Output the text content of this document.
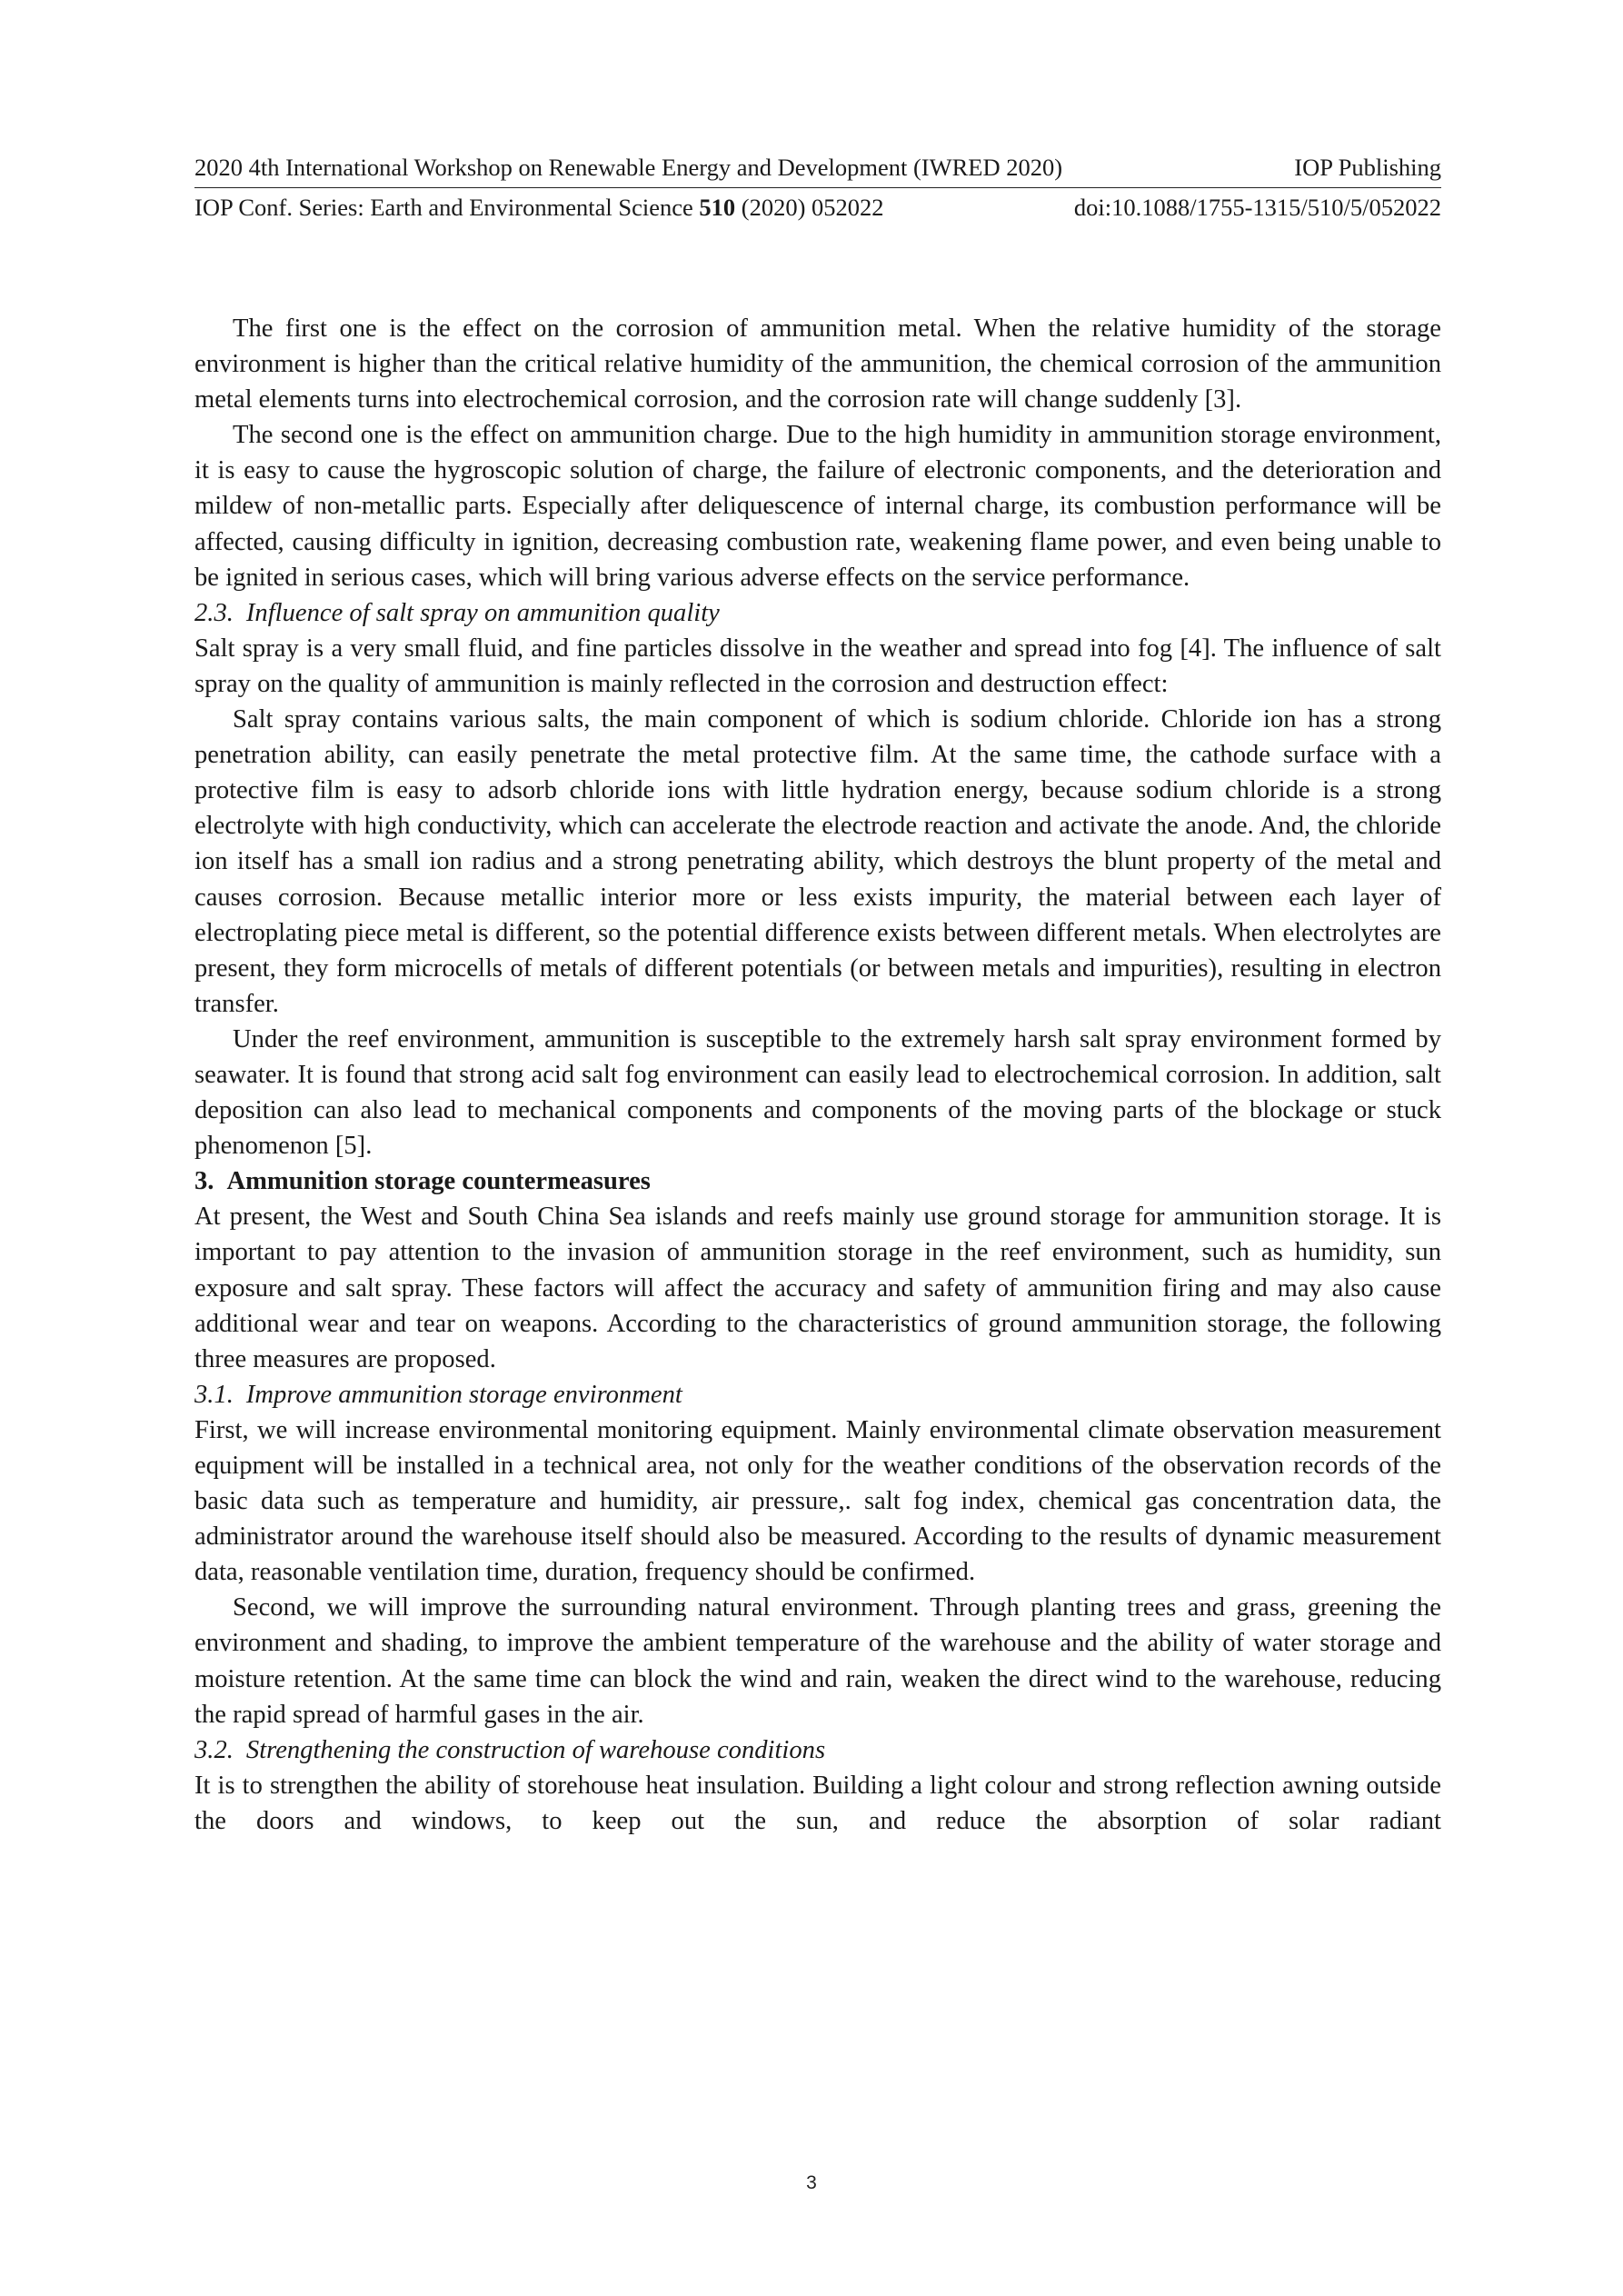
2020 4th International Workshop on Renewable Energy and Development (IWRED 2020)	IOP Publishing
IOP Conf. Series: Earth and Environmental Science 510 (2020) 052022	doi:10.1088/1755-1315/510/5/052022

The first one is the effect on the corrosion of ammunition metal. When the relative humidity of the storage environment is higher than the critical relative humidity of the ammunition, the chemical corrosion of the ammunition metal elements turns into electrochemical corrosion, and the corrosion rate will change suddenly [3].

The second one is the effect on ammunition charge. Due to the high humidity in ammunition storage environment, it is easy to cause the hygroscopic solution of charge, the failure of electronic components, and the deterioration and mildew of non-metallic parts. Especially after deliquescence of internal charge, its combustion performance will be affected, causing difficulty in ignition, decreasing combustion rate, weakening flame power, and even being unable to be ignited in serious cases, which will bring various adverse effects on the service performance.

2.3. Influence of salt spray on ammunition quality

Salt spray is a very small fluid, and fine particles dissolve in the weather and spread into fog [4]. The influence of salt spray on the quality of ammunition is mainly reflected in the corrosion and destruction effect:

Salt spray contains various salts, the main component of which is sodium chloride. Chloride ion has a strong penetration ability, can easily penetrate the metal protective film. At the same time, the cathode surface with a protective film is easy to adsorb chloride ions with little hydration energy, because sodium chloride is a strong electrolyte with high conductivity, which can accelerate the electrode reaction and activate the anode. And, the chloride ion itself has a small ion radius and a strong penetrating ability, which destroys the blunt property of the metal and causes corrosion. Because metallic interior more or less exists impurity, the material between each layer of electroplating piece metal is different, so the potential difference exists between different metals. When electrolytes are present, they form microcells of metals of different potentials (or between metals and impurities), resulting in electron transfer.

Under the reef environment, ammunition is susceptible to the extremely harsh salt spray environment formed by seawater. It is found that strong acid salt fog environment can easily lead to electrochemical corrosion. In addition, salt deposition can also lead to mechanical components and components of the moving parts of the blockage or stuck phenomenon [5].

3. Ammunition storage countermeasures

At present, the West and South China Sea islands and reefs mainly use ground storage for ammunition storage. It is important to pay attention to the invasion of ammunition storage in the reef environment, such as humidity, sun exposure and salt spray. These factors will affect the accuracy and safety of ammunition firing and may also cause additional wear and tear on weapons. According to the characteristics of ground ammunition storage, the following three measures are proposed.

3.1. Improve ammunition storage environment

First, we will increase environmental monitoring equipment. Mainly environmental climate observation measurement equipment will be installed in a technical area, not only for the weather conditions of the observation records of the basic data such as temperature and humidity, air pressure,. salt fog index, chemical gas concentration data, the administrator around the warehouse itself should also be measured. According to the results of dynamic measurement data, reasonable ventilation time, duration, frequency should be confirmed.

Second, we will improve the surrounding natural environment. Through planting trees and grass, greening the environment and shading, to improve the ambient temperature of the warehouse and the ability of water storage and moisture retention. At the same time can block the wind and rain, weaken the direct wind to the warehouse, reducing the rapid spread of harmful gases in the air.

3.2. Strengthening the construction of warehouse conditions

It is to strengthen the ability of storehouse heat insulation. Building a light colour and strong reflection awning outside the doors and windows, to keep out the sun, and reduce the absorption of solar radiant

3
